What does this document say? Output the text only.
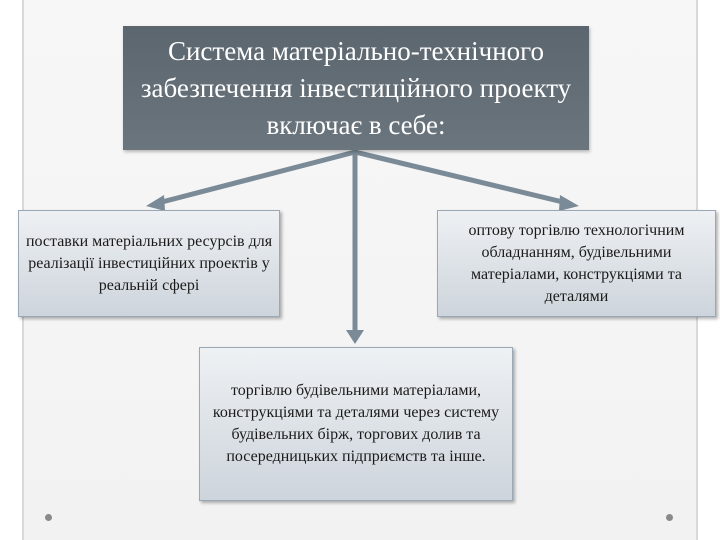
Система матеріально-технічного забезпечення інвестиційного проекту включає в себе:
поставки матеріальних ресурсів для реалізації інвестиційних проектів у реальній сфері
оптову торгівлю технологічним обладнанням, будівельними матеріалами, конструкціями та деталями
торгівлю будівельними матеріалами, конструкціями та деталями через систему будівельних бірж, торгових долив та посередницьких підприємств та інше.
